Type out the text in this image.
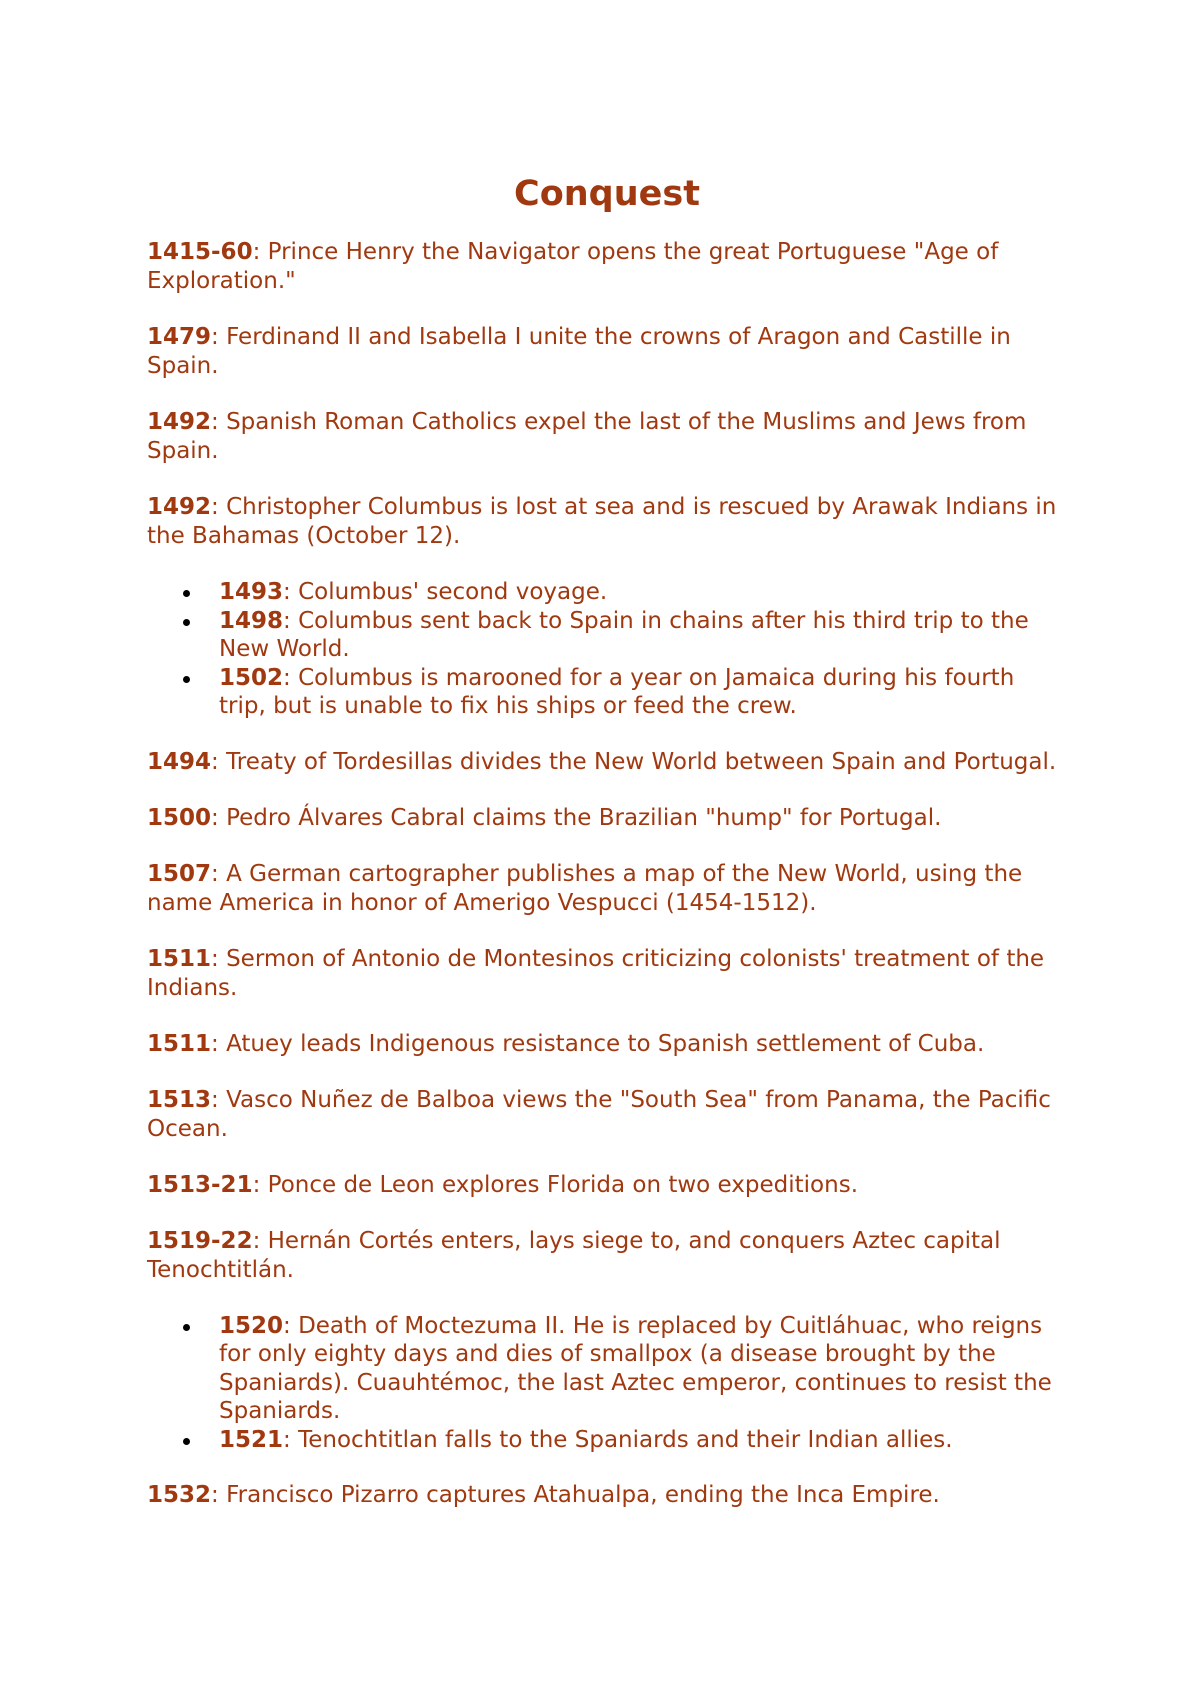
Conquest

1415-60: Prince Henry the Navigator opens the great Portuguese "Age of Exploration."

1479: Ferdinand II and Isabella I unite the crowns of Aragon and Castille in Spain.

1492: Spanish Roman Catholics expel the last of the Muslims and Jews from Spain.

1492: Christopher Columbus is lost at sea and is rescued by Arawak Indians in the Bahamas (October 12).

1493: Columbus' second voyage.
1498: Columbus sent back to Spain in chains after his third trip to the New World.
1502: Columbus is marooned for a year on Jamaica during his fourth trip, but is unable to fix his ships or feed the crew.

1494: Treaty of Tordesillas divides the New World between Spain and Portugal.

1500: Pedro Álvares Cabral claims the Brazilian "hump" for Portugal.

1507: A German cartographer publishes a map of the New World, using the name America in honor of Amerigo Vespucci (1454-1512).

1511: Sermon of Antonio de Montesinos criticizing colonists' treatment of the Indians.

1511: Atuey leads Indigenous resistance to Spanish settlement of Cuba.

1513: Vasco Nuñez de Balboa views the "South Sea" from Panama, the Pacific Ocean.

1513-21: Ponce de Leon explores Florida on two expeditions.

1519-22: Hernán Cortés enters, lays siege to, and conquers Aztec capital Tenochtitlán.

1520: Death of Moctezuma II. He is replaced by Cuitláhuac, who reigns for only eighty days and dies of smallpox (a disease brought by the Spaniards). Cuauhtémoc, the last Aztec emperor, continues to resist the Spaniards.
1521: Tenochtitlan falls to the Spaniards and their Indian allies.

1532: Francisco Pizarro captures Atahualpa, ending the Inca Empire.
